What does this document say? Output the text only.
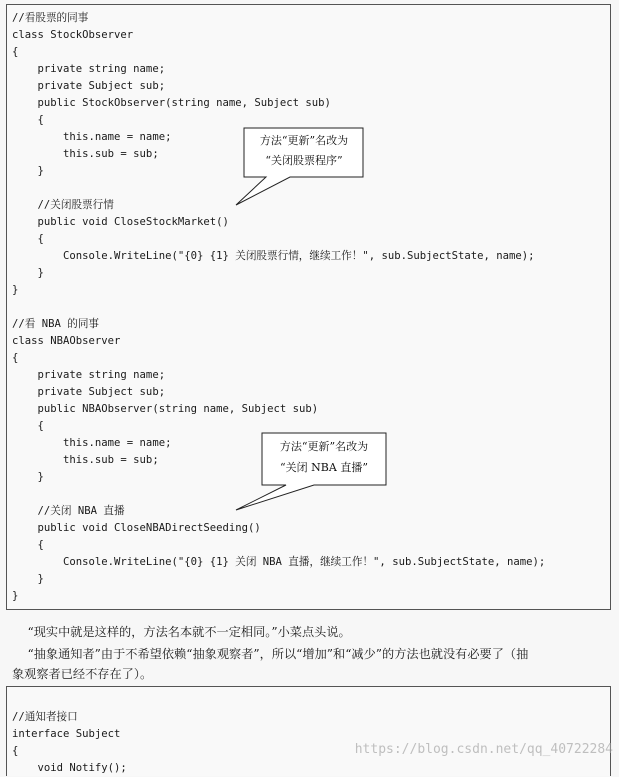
//看股票的同事
class StockObserver
{
private string name;
private Subject sub;
public StockObserver(string name, Subject sub)
{
this.name = name;
this.sub = sub;
}
//关闭股票行情
public void CloseStockMarket()
{
Console.WriteLine("{0} {1} 关闭股票行情，继续工作！", sub.SubjectState, name);
}
}
//看 NBA 的同事
class NBAObserver
{
private string name;
private Subject sub;
public NBAObserver(string name, Subject sub)
{
this.name = name;
this.sub = sub;
}
//关闭 NBA 直播
public void CloseNBADirectSeeding()
{
Console.WriteLine("{0} {1} 关闭 NBA 直播，继续工作！", sub.SubjectState, name);
}
}
方法“更新”名改为
“关闭股票程序”
方法“更新”名改为
“关闭 NBA 直播”
“现实中就是这样的，方法名本就不一定相同。”小菜点头说。
“抽象通知者”由于不希望依赖“抽象观察者”，所以“增加”和“减少”的方法也就没有必要了（抽
象观察者已经不存在了）。
//通知者接口
interface Subject
{
void Notify();
https://blog.csdn.net/qq_40722284
